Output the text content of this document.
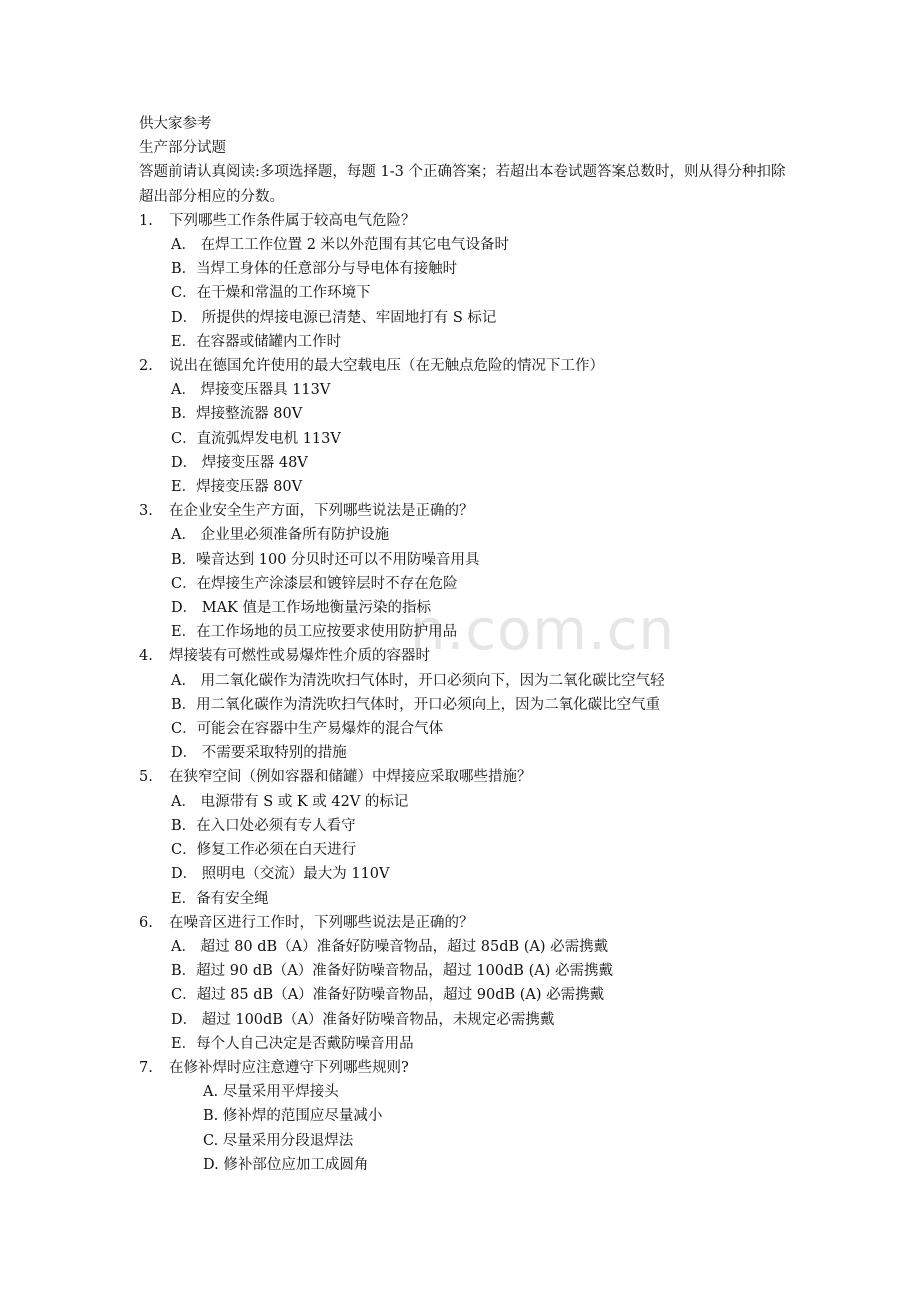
n.com.cn
供大家参考
生产部分试题
答题前请认真阅读:多项选择题，每题 1-3 个正确答案；若超出本卷试题答案总数时，则从得分种扣除超出部分相应的分数。
1.	下列哪些工作条件属于较高电气危险？
A． 在焊工工作位置 2 米以外范围有其它电气设备时
B．当焊工身体的任意部分与导电体有接触时
C．在干燥和常温的工作环境下
D． 所提供的焊接电源已清楚、牢固地打有 S 标记
E．在容器或储罐内工作时
2.	说出在德国允许使用的最大空载电压（在无触点危险的情况下工作）
A． 焊接变压器具 113V
B．焊接整流器 80V
C．直流弧焊发电机 113V
D． 焊接变压器 48V
E．焊接变压器 80V
3.	在企业安全生产方面，下列哪些说法是正确的？
A． 企业里必须准备所有防护设施
B．噪音达到 100 分贝时还可以不用防噪音用具
C．在焊接生产涂漆层和镀锌层时不存在危险
D． MAK 值是工作场地衡量污染的指标
E．在工作场地的员工应按要求使用防护用品
4.	焊接装有可燃性或易爆炸性介质的容器时
A． 用二氧化碳作为清洗吹扫气体时，开口必须向下，因为二氧化碳比空气轻
B．用二氧化碳作为清洗吹扫气体时，开口必须向上，因为二氧化碳比空气重
C．可能会在容器中生产易爆炸的混合气体
D． 不需要采取特别的措施
5.	在狭窄空间（例如容器和储罐）中焊接应采取哪些措施？
A． 电源带有 S 或 K 或 42V 的标记
B．在入口处必须有专人看守
C．修复工作必须在白天进行
D． 照明电（交流）最大为 110V
E．备有安全绳
6.	在噪音区进行工作时，下列哪些说法是正确的？
A． 超过 80 dB（A）准备好防噪音物品，超过 85dB (A) 必需携戴
B．超过 90 dB（A）准备好防噪音物品，超过 100dB (A) 必需携戴
C．超过 85 dB（A）准备好防噪音物品，超过 90dB (A) 必需携戴
D． 超过 100dB（A）准备好防噪音物品，未规定必需携戴
E．每个人自己决定是否戴防噪音用品
7.	在修补焊时应注意遵守下列哪些规则?
A. 尽量采用平焊接头
B. 修补焊的范围应尽量减小
C. 尽量采用分段退焊法
D. 修补部位应加工成圆角
